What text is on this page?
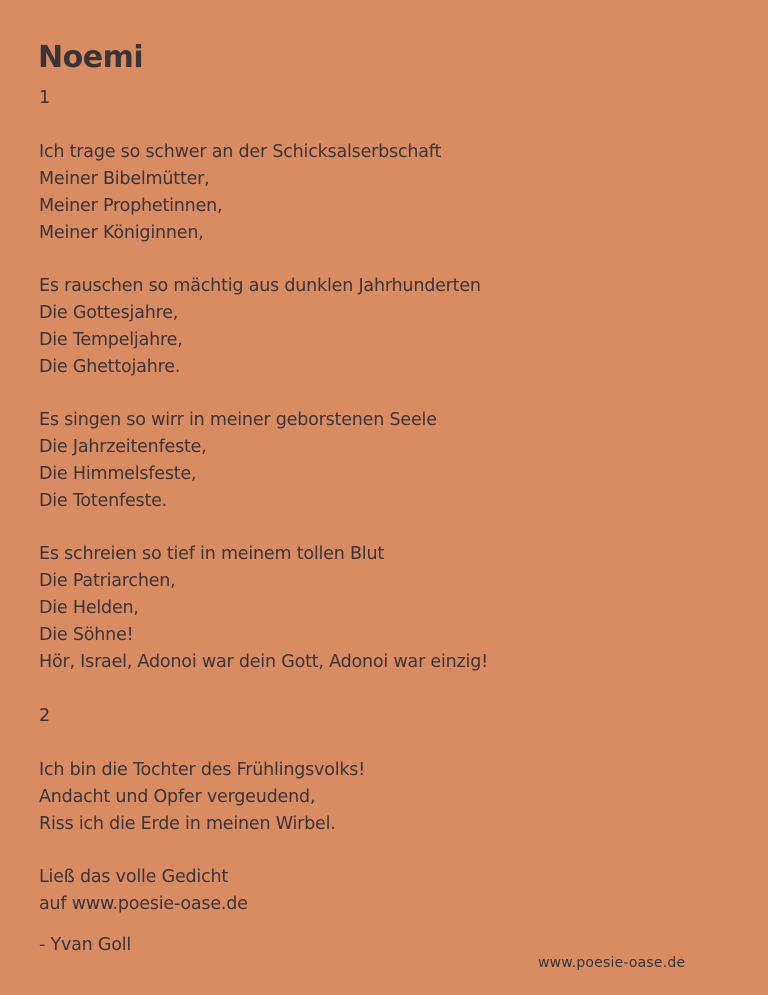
Noemi

1

Ich trage so schwer an der Schicksalserbschaft

Meiner Bibelmütter,

Meiner Prophetinnen,

Meiner Königinnen,

Es rauschen so mächtig aus dunklen Jahrhunderten

Die Gottesjahre,

Die Tempeljahre,

Die Ghettojahre.

Es singen so wirr in meiner geborstenen Seele

Die Jahrzeitenfeste,

Die Himmelsfeste,

Die Totenfeste.

Es schreien so tief in meinem tollen Blut

Die Patriarchen,

Die Helden,

Die Söhne!

Hör, Israel, Adonoi war dein Gott, Adonoi war einzig!

2

Ich bin die Tochter des Frühlingsvolks!

Andacht und Opfer vergeudend,

Riss ich die Erde in meinen Wirbel.

Ließ das volle Gedicht

auf www.poesie-oase.de

- Yvan Goll

www.poesie-oase.de
